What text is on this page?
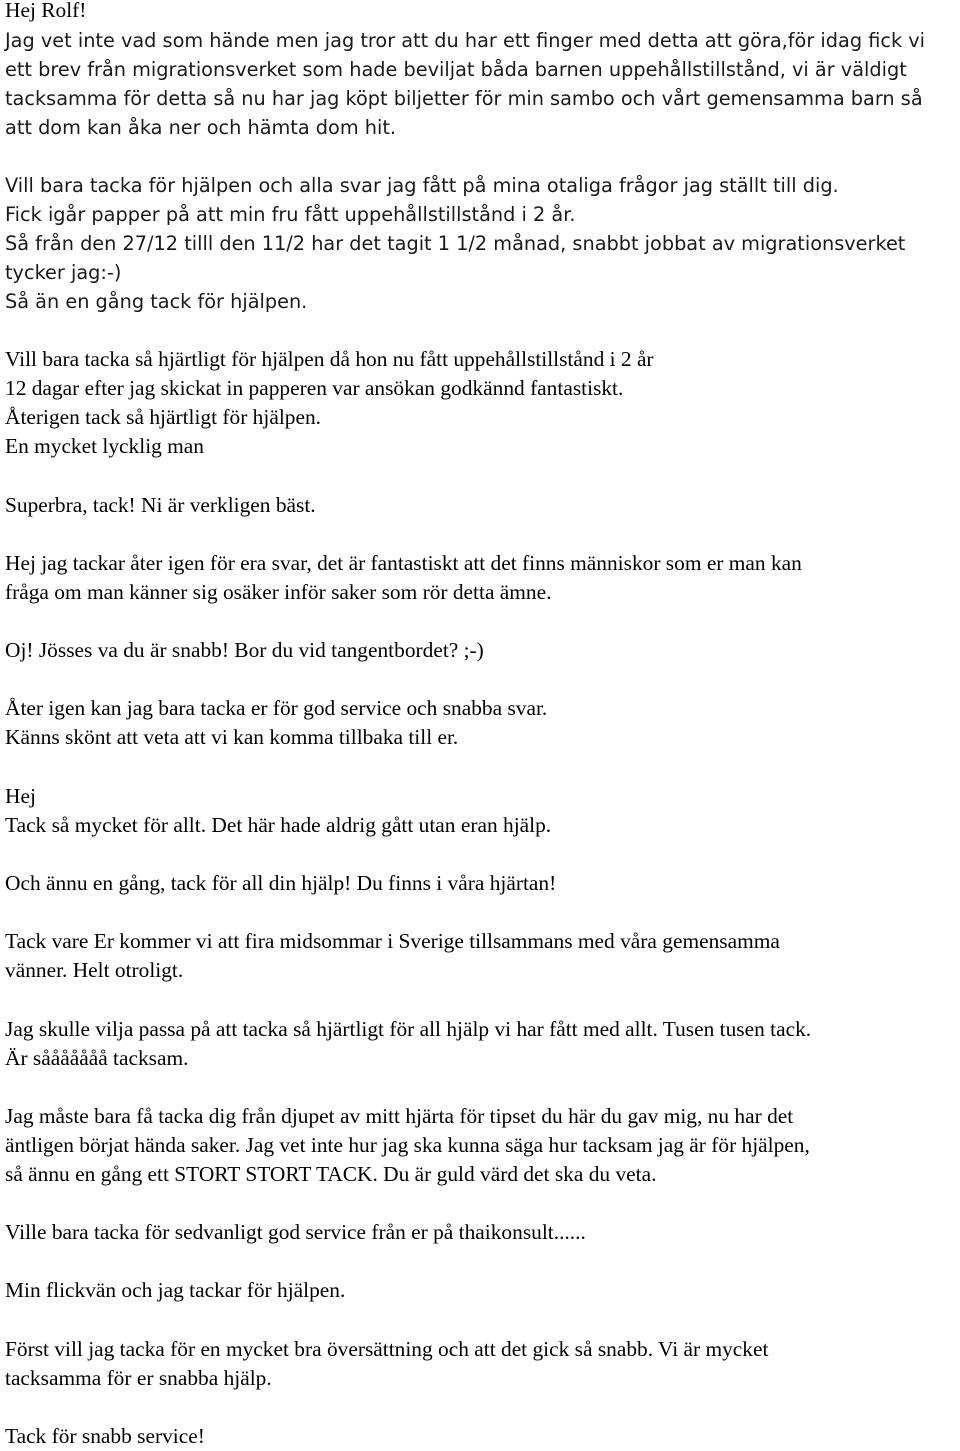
Hej Rolf!
Jag vet inte vad som hände men jag tror att du har ett finger med detta att göra,för idag fick vi
ett brev från migrationsverket som hade beviljat båda barnen uppehållstillstånd, vi är väldigt
tacksamma för detta så nu har jag köpt biljetter för min sambo och vårt gemensamma barn så
att dom kan åka ner och hämta dom hit.
Vill bara tacka för hjälpen och alla svar jag fått på mina otaliga frågor jag ställt till dig.
Fick igår papper på att min fru fått uppehållstillstånd i 2 år.
Så från den 27/12 tilll den 11/2 har det tagit 1 1/2 månad, snabbt jobbat av migrationsverket
tycker jag:-)
Så än en gång tack för hjälpen.
Vill bara tacka så hjärtligt för hjälpen då hon nu fått uppehållstillstånd i 2 år
12 dagar efter jag skickat in papperen var ansökan godkännd fantastiskt.
Återigen tack så hjärtligt för hjälpen.
En mycket lycklig man
Superbra, tack! Ni är verkligen bäst.
Hej jag tackar åter igen för era svar, det är fantastiskt att det finns människor som er man kan
fråga om man känner sig osäker inför saker som rör detta ämne.
Oj! Jösses va du är snabb! Bor du vid tangentbordet? ;-)
Åter igen kan jag bara tacka er för god service och snabba svar.
Känns skönt att veta att vi kan komma tillbaka till er.
Hej
Tack så mycket för allt. Det här hade aldrig gått utan eran hjälp.
Och ännu en gång, tack för all din hjälp! Du finns i våra hjärtan!
Tack vare Er kommer vi att fira midsommar i Sverige tillsammans med våra gemensamma
vänner. Helt otroligt.
Jag skulle vilja passa på att tacka så hjärtligt för all hjälp vi har fått med allt. Tusen tusen tack.
Är sååååååå tacksam.
Jag måste bara få tacka dig från djupet av mitt hjärta för tipset du här du gav mig, nu har det
äntligen börjat hända saker. Jag vet inte hur jag ska kunna säga hur tacksam jag är för hjälpen,
så ännu en gång ett STORT STORT TACK. Du är guld värd det ska du veta.
Ville bara tacka för sedvanligt god service från er på thaikonsult......
Min flickvän och jag tackar för hjälpen.
Först vill jag tacka för en mycket bra översättning och att det gick så snabb. Vi är mycket
tacksamma för er snabba hjälp.
Tack för snabb service!
